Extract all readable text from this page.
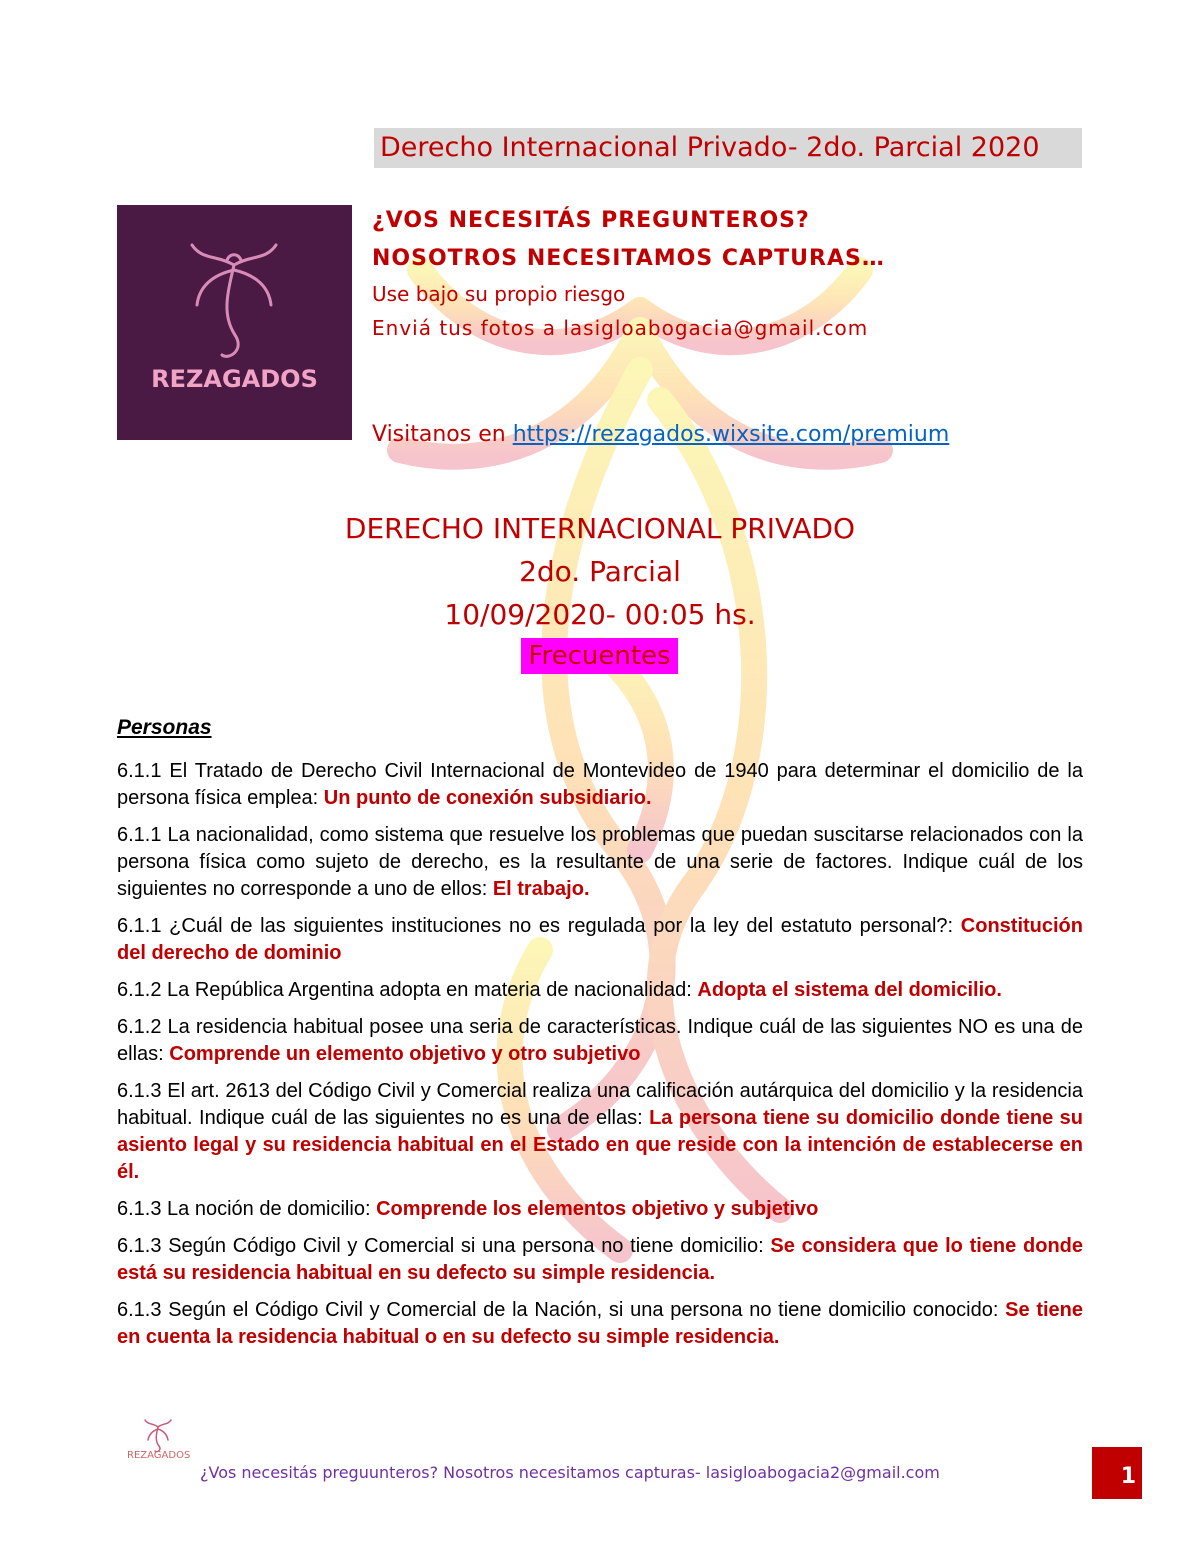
Derecho Internacional Privado- 2do. Parcial 2020
REZAGADOS
¿VOS NECESITÁS PREGUNTEROS?
NOSOTROS NECESITAMOS CAPTURAS…
Use bajo su propio riesgo
Enviá tus fotos a lasigloabogacia@gmail.com
Visitanos en https://rezagados.wixsite.com/premium
DERECHO INTERNACIONAL PRIVADO
2do. Parcial
10/09/2020- 00:05 hs.
Frecuentes
Personas

6.1.1 El Tratado de Derecho Civil Internacional de Montevideo de 1940 para determinar el domicilio de la persona física emplea: Un punto de conexión subsidiario.

6.1.1 La nacionalidad, como sistema que resuelve los problemas que puedan suscitarse relacionados con la persona física como sujeto de derecho, es la resultante de una serie de factores. Indique cuál de los siguientes no corresponde a uno de ellos: El trabajo.

6.1.1 ¿Cuál de las siguientes instituciones no es regulada por la ley del estatuto personal?: Constitución del derecho de dominio

6.1.2 La República Argentina adopta en materia de nacionalidad: Adopta el sistema del domicilio.

6.1.2 La residencia habitual posee una seria de características. Indique cuál de las siguientes NO es una de ellas: Comprende un elemento objetivo y otro subjetivo

6.1.3 El art. 2613 del Código Civil y Comercial realiza una calificación autárquica del domicilio y la residencia habitual. Indique cuál de las siguientes no es una de ellas: La persona tiene su domicilio donde tiene su asiento legal y su residencia habitual en el Estado en que reside con la intención de establecerse en él.

6.1.3 La noción de domicilio: Comprende los elementos objetivo y subjetivo

6.1.3 Según Código Civil y Comercial si una persona no tiene domicilio: Se considera que lo tiene donde está su residencia habitual en su defecto su simple residencia.

6.1.3 Según el Código Civil y Comercial de la Nación, si una persona no tiene domicilio conocido: Se tiene en cuenta la residencia habitual o en su defecto su simple residencia.

REZAGADOS
¿Vos necesitás preguunteros? Nosotros necesitamos capturas- lasigloabogacia2@gmail.com	1
